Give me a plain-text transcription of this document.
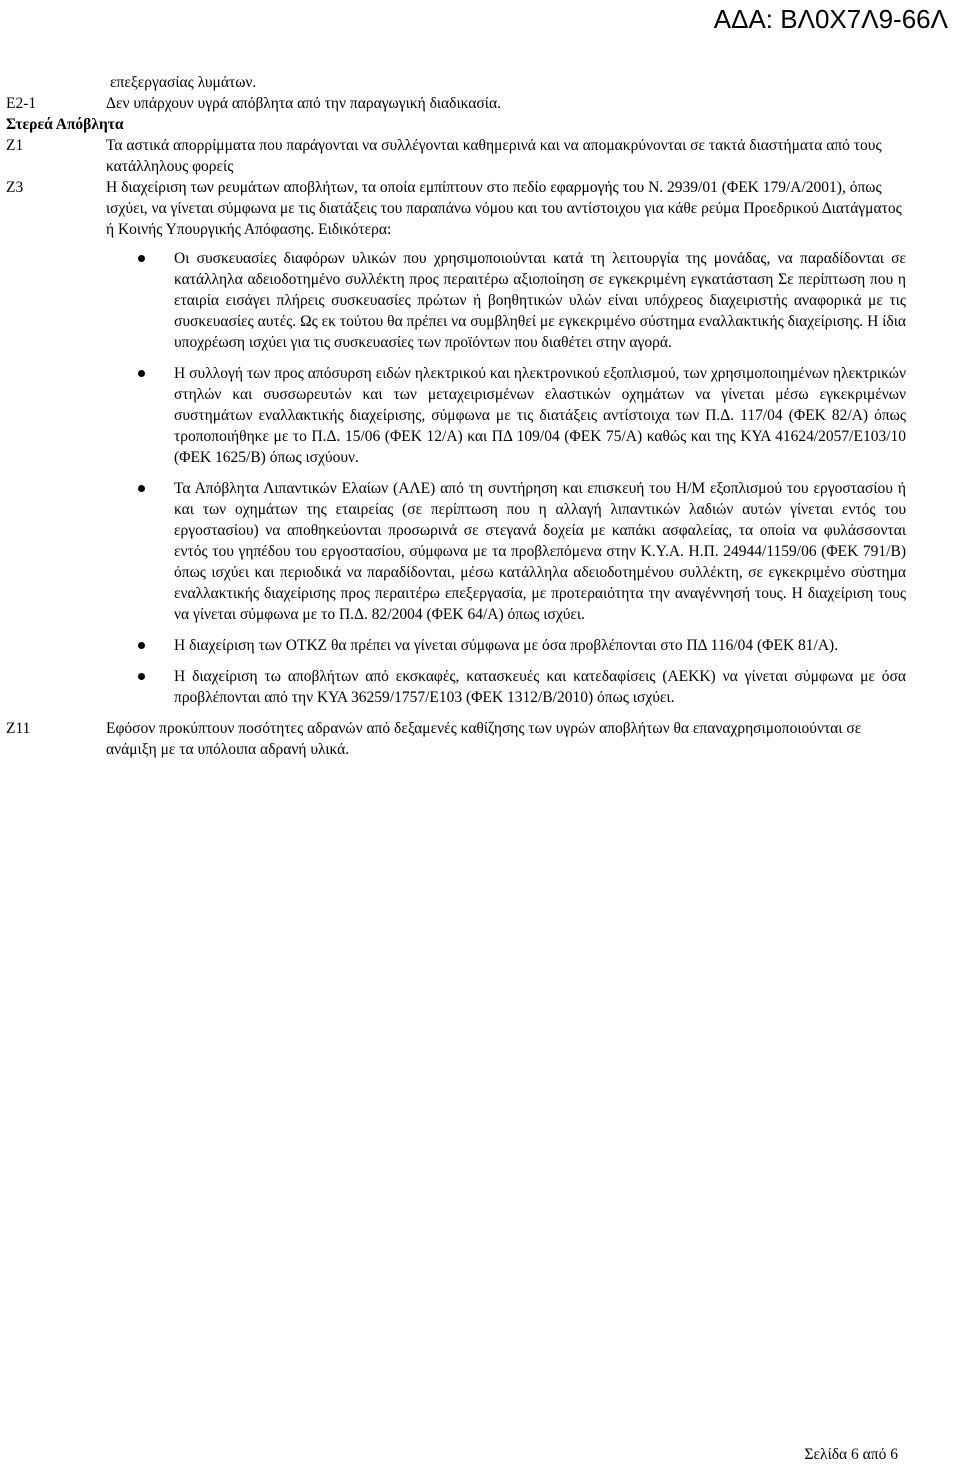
ΑΔΑ: ΒΛ0Χ7Λ9-66Λ
επεξεργασίας λυμάτων.
Ε2-1	Δεν υπάρχουν υγρά απόβλητα από την παραγωγική διαδικασία.
Στερεά Απόβλητα
Ζ1	Τα αστικά απορρίμματα που παράγονται να συλλέγονται καθημερινά και να απομακρύνονται σε τακτά διαστήματα από τους κατάλληλους φορείς
Ζ3	Η διαχείριση των ρευμάτων αποβλήτων, τα οποία εμπίπτουν στο πεδίο εφαρμογής του Ν. 2939/01 (ΦΕΚ 179/Α/2001), όπως ισχύει, να γίνεται σύμφωνα με τις διατάξεις του παραπάνω νόμου και του αντίστοιχου για κάθε ρεύμα Προεδρικού Διατάγματος ή Κοινής Υπουργικής Απόφασης. Ειδικότερα:
Οι συσκευασίες διαφόρων υλικών που χρησιμοποιούνται κατά τη λειτουργία της μονάδας, να παραδίδονται σε κατάλληλα αδειοδοτημένο συλλέκτη προς περαιτέρω αξιοποίηση σε εγκεκριμένη εγκατάσταση Σε περίπτωση που η εταιρία εισάγει πλήρεις συσκευασίες πρώτων ή βοηθητικών υλών είναι υπόχρεος διαχειριστής αναφορικά με τις συσκευασίες αυτές. Ως εκ τούτου θα πρέπει να συμβληθεί με εγκεκριμένο σύστημα εναλλακτικής διαχείρισης. Η ίδια υποχρέωση ισχύει για τις συσκευασίες των προϊόντων που διαθέτει στην αγορά.
Η συλλογή των προς απόσυρση ειδών ηλεκτρικού και ηλεκτρονικού εξοπλισμού, των χρησιμοποιημένων ηλεκτρικών στηλών και συσσωρευτών και των μεταχειρισμένων ελαστικών οχημάτων να γίνεται μέσω εγκεκριμένων συστημάτων εναλλακτικής διαχείρισης, σύμφωνα με τις διατάξεις αντίστοιχα των Π.Δ. 117/04 (ΦΕΚ 82/Α) όπως τροποποιήθηκε με το Π.Δ. 15/06 (ΦΕΚ 12/Α) και ΠΔ 109/04 (ΦΕΚ 75/Α) καθώς και της ΚΥΑ 41624/2057/Ε103/10 (ΦΕΚ 1625/Β) όπως ισχύουν.
Τα Απόβλητα Λιπαντικών Ελαίων (ΑΛΕ) από τη συντήρηση και επισκευή του Η/Μ εξοπλισμού του εργοστασίου ή και των οχημάτων της εταιρείας (σε περίπτωση που η αλλαγή λιπαντικών λαδιών αυτών γίνεται εντός του εργοστασίου) να αποθηκεύονται προσωρινά σε στεγανά δοχεία με καπάκι ασφαλείας, τα οποία να φυλάσσονται εντός του γηπέδου του εργοστασίου, σύμφωνα με τα προβλεπόμενα στην Κ.Υ.Α. Η.Π. 24944/1159/06 (ΦΕΚ 791/Β) όπως ισχύει και περιοδικά να παραδίδονται, μέσω κατάλληλα αδειοδοτημένου συλλέκτη, σε εγκεκριμένο σύστημα εναλλακτικής διαχείρισης προς περαιτέρω επεξεργασία, με προτεραιότητα την αναγέννησή τους. Η διαχείριση τους να γίνεται σύμφωνα με το Π.Δ. 82/2004 (ΦΕΚ 64/Α) όπως ισχύει.
Η διαχείριση των ΟΤΚΖ θα πρέπει να γίνεται σύμφωνα με όσα προβλέπονται στο ΠΔ 116/04 (ΦΕΚ 81/Α).
Η διαχείριση τω αποβλήτων από εκσκαφές, κατασκευές και κατεδαφίσεις (ΑΕΚΚ) να γίνεται σύμφωνα με όσα προβλέπονται από την ΚΥΑ 36259/1757/Ε103 (ΦΕΚ 1312/Β/2010) όπως ισχύει.
Ζ11	Εφόσον προκύπτουν ποσότητες αδρανών από δεξαμενές καθίζησης των υγρών αποβλήτων θα επαναχρησιμοποιούνται σε ανάμιξη με τα υπόλοιπα αδρανή υλικά.
Σελίδα 6 από 6
